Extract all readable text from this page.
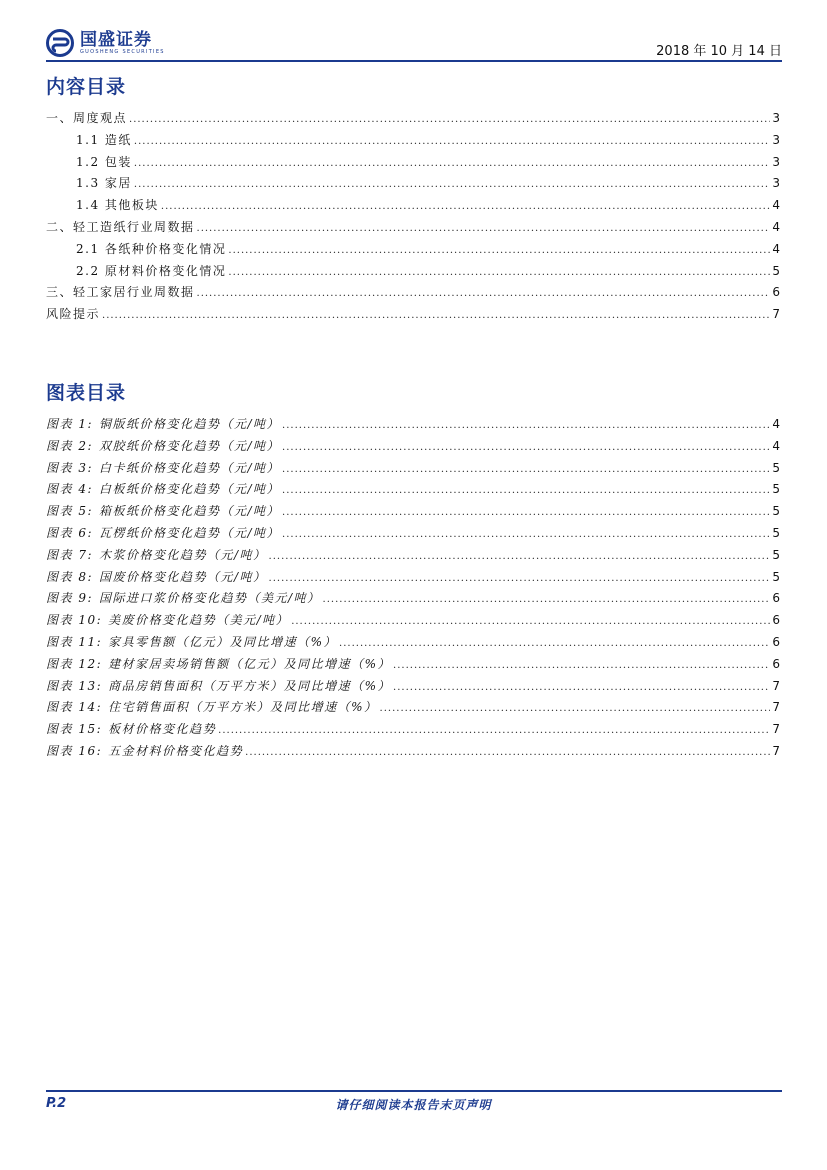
国盛证券
GUOSHENG SECURITIES	2018 年 10 月 14 日
内容目录
一、周度观点 .....	3
1.1 造纸 .....	3
1.2 包装 .....	3
1.3 家居 .....	3
1.4 其他板块 .....	4
二、轻工造纸行业周数据 .....	4
2.1 各纸种价格变化情况 .....	4
2.2 原材料价格变化情况 .....	5
三、轻工家居行业周数据 .....	6
风险提示 .....	7
图表目录
图表 1: 铜版纸价格变化趋势（元/吨） .....	4
图表 2: 双胶纸价格变化趋势（元/吨） .....	4
图表 3: 白卡纸价格变化趋势（元/吨） .....	5
图表 4: 白板纸价格变化趋势（元/吨） .....	5
图表 5: 箱板纸价格变化趋势（元/吨） .....	5
图表 6: 瓦楞纸价格变化趋势（元/吨） .....	5
图表 7: 木浆价格变化趋势（元/吨） .....	5
图表 8: 国废价格变化趋势（元/吨） .....	5
图表 9: 国际进口浆价格变化趋势（美元/吨） .....	6
图表 10: 美废价格变化趋势（美元/吨） .....	6
图表 11: 家具零售额（亿元）及同比增速（%） .....	6
图表 12: 建材家居卖场销售额（亿元）及同比增速（%） .....	6
图表 13: 商品房销售面积（万平方米）及同比增速（%） .....	7
图表 14: 住宅销售面积（万平方米）及同比增速（%） .....	7
图表 15: 板材价格变化趋势 .....	7
图表 16: 五金材料价格变化趋势 .....	7
P.2	请仔细阅读本报告末页声明
